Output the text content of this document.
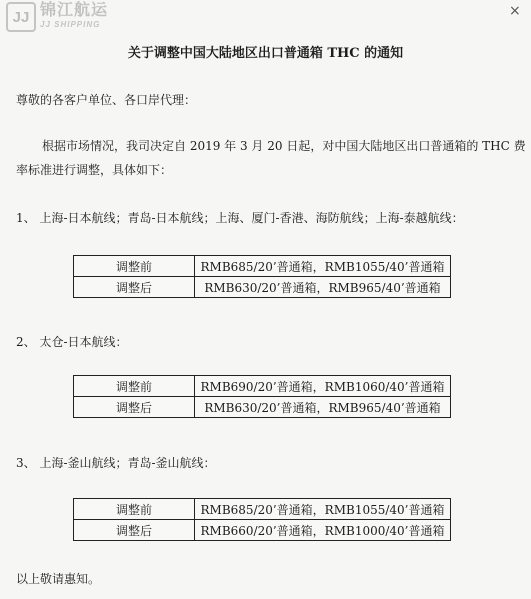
JJ 锦江航运
JJ SHIPPING
×
关于调整中国大陆地区出口普通箱 THC 的通知
尊敬的各客户单位、各口岸代理：
根据市场情况，我司决定自 2019 年 3 月 20 日起，对中国大陆地区出口普通箱的 THC 费
率标准进行调整，具体如下：
1、 上海-日本航线；青岛-日本航线；上海、厦门-香港、海防航线；上海-泰越航线：
调整前	RMB685/20’普通箱，RMB1055/40’普通箱
调整后	RMB630/20’普通箱，RMB965/40’普通箱
2、 太仓-日本航线：
调整前	RMB690/20’普通箱，RMB1060/40’普通箱
调整后	RMB630/20’普通箱，RMB965/40’普通箱
3、 上海-釜山航线；青岛-釜山航线：
调整前	RMB685/20’普通箱，RMB1055/40’普通箱
调整后	RMB660/20’普通箱，RMB1000/40’普通箱
以上敬请惠知。
